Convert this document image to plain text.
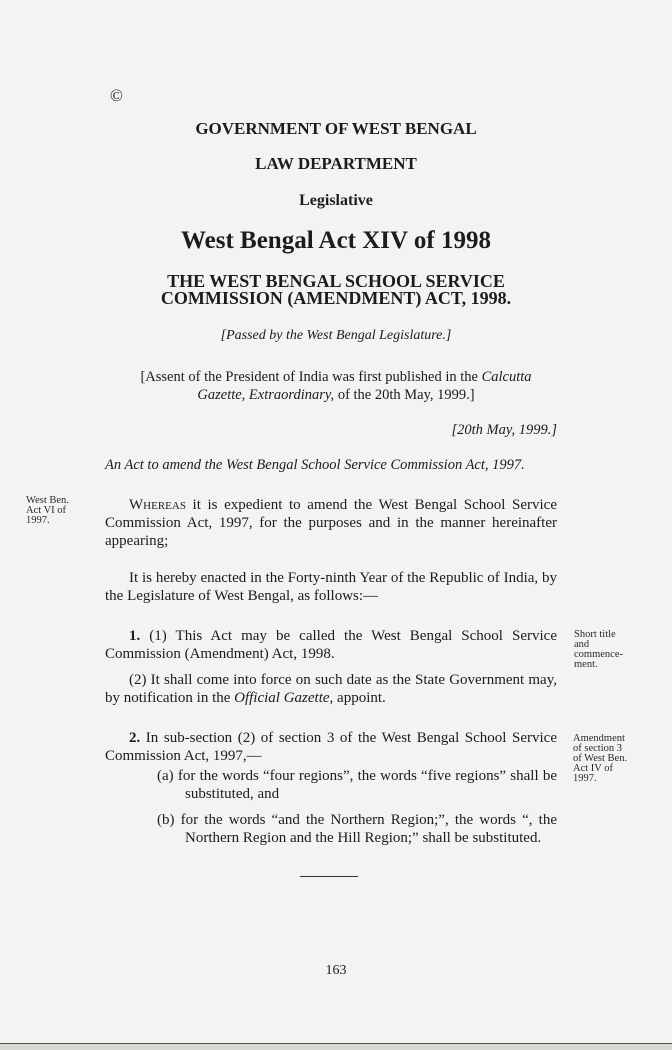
©
GOVERNMENT OF WEST BENGAL
LAW DEPARTMENT
Legislative
West Bengal Act XIV of 1998
THE WEST BENGAL SCHOOL SERVICE
COMMISSION (AMENDMENT) ACT, 1998.
[Passed by the West Bengal Legislature.]
[Assent of the President of India was first published in the Calcutta Gazette, Extraordinary, of the 20th May, 1999.]
[20th May, 1999.]
An Act to amend the West Bengal School Service Commission Act, 1997.
West Ben.
Act VI of
1997.
Whereas it is expedient to amend the West Bengal School Service Commission Act, 1997, for the purposes and in the manner hereinafter appearing;
It is hereby enacted in the Forty-ninth Year of the Republic of India, by the Legislature of West Bengal, as follows:—
1. (1) This Act may be called the West Bengal School Service Commission (Amendment) Act, 1998.
Short title
and
commence-
ment.
(2) It shall come into force on such date as the State Government may, by notification in the Official Gazette, appoint.
2. In sub-section (2) of section 3 of the West Bengal School Service Commission Act, 1997,—
Amendment
of section 3
of West Ben.
Act IV of
1997.
(a) for the words “four regions”, the words “five regions” shall be substituted, and
(b) for the words “and the Northern Region;”, the words “, the Northern Region and the Hill Region;” shall be substituted.
163
